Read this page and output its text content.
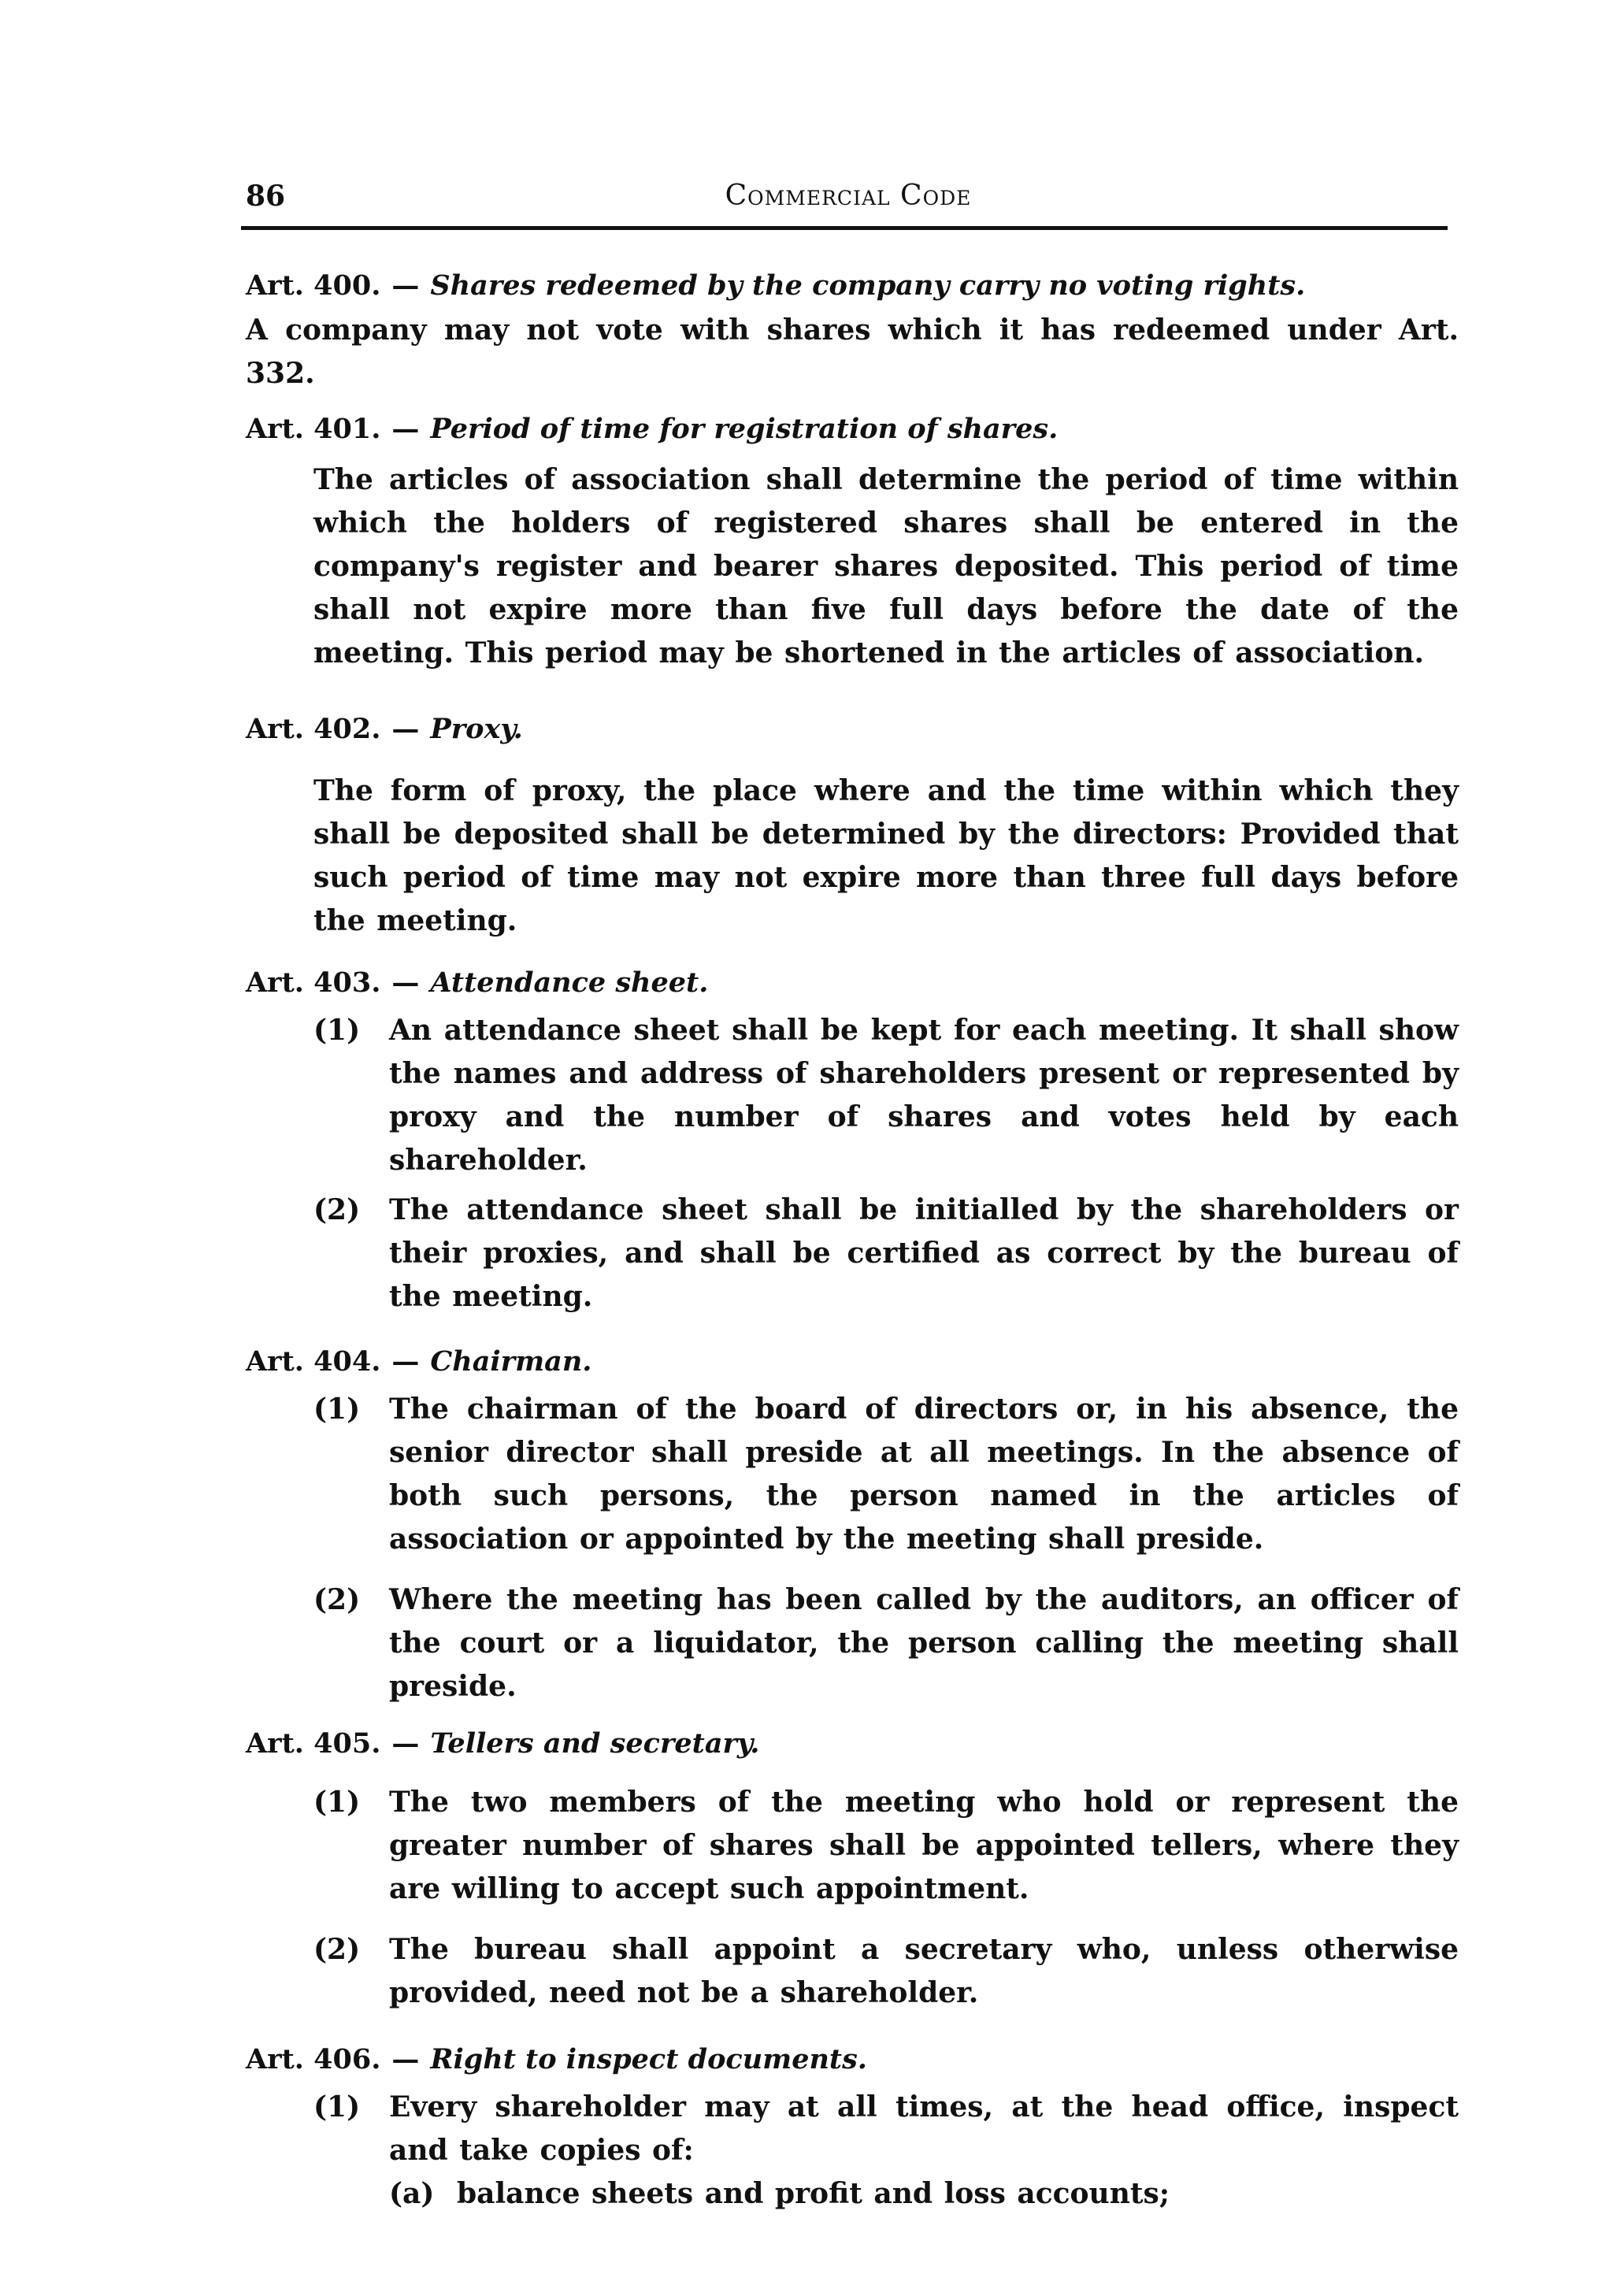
86	Commercial Code

Art. 400. — Shares redeemed by the company carry no voting rights.

A company may not vote with shares which it has redeemed under Art. 332.

Art. 401. — Period of time for registration of shares.

The articles of association shall determine the period of time within which the holders of registered shares shall be entered in the company's register and bearer shares deposited. This period of time shall not expire more than five full days before the date of the meeting. This period may be shortened in the articles of association.

Art. 402. — Proxy.

The form of proxy, the place where and the time within which they shall be deposited shall be determined by the directors: Provided that such period of time may not expire more than three full days before the meeting.

Art. 403. — Attendance sheet.

(1)	An attendance sheet shall be kept for each meeting. It shall show the names and address of shareholders present or represented by proxy and the number of shares and votes held by each shareholder.
(2)	The attendance sheet shall be initialled by the shareholders or their proxies, and shall be certified as correct by the bureau of the meeting.

Art. 404. — Chairman.

(1)	The chairman of the board of directors or, in his absence, the senior director shall preside at all meetings. In the absence of both such persons, the person named in the articles of association or appointed by the meeting shall preside.
(2)	Where the meeting has been called by the auditors, an officer of the court or a liquidator, the person calling the meeting shall preside.

Art. 405. — Tellers and secretary.

(1)	The two members of the meeting who hold or represent the greater number of shares shall be appointed tellers, where they are willing to accept such appointment.
(2)	The bureau shall appoint a secretary who, unless otherwise provided, need not be a shareholder.

Art. 406. — Right to inspect documents.

(1)	Every shareholder may at all times, at the head office, inspect and take copies of:
(a) balance sheets and profit and loss accounts;
